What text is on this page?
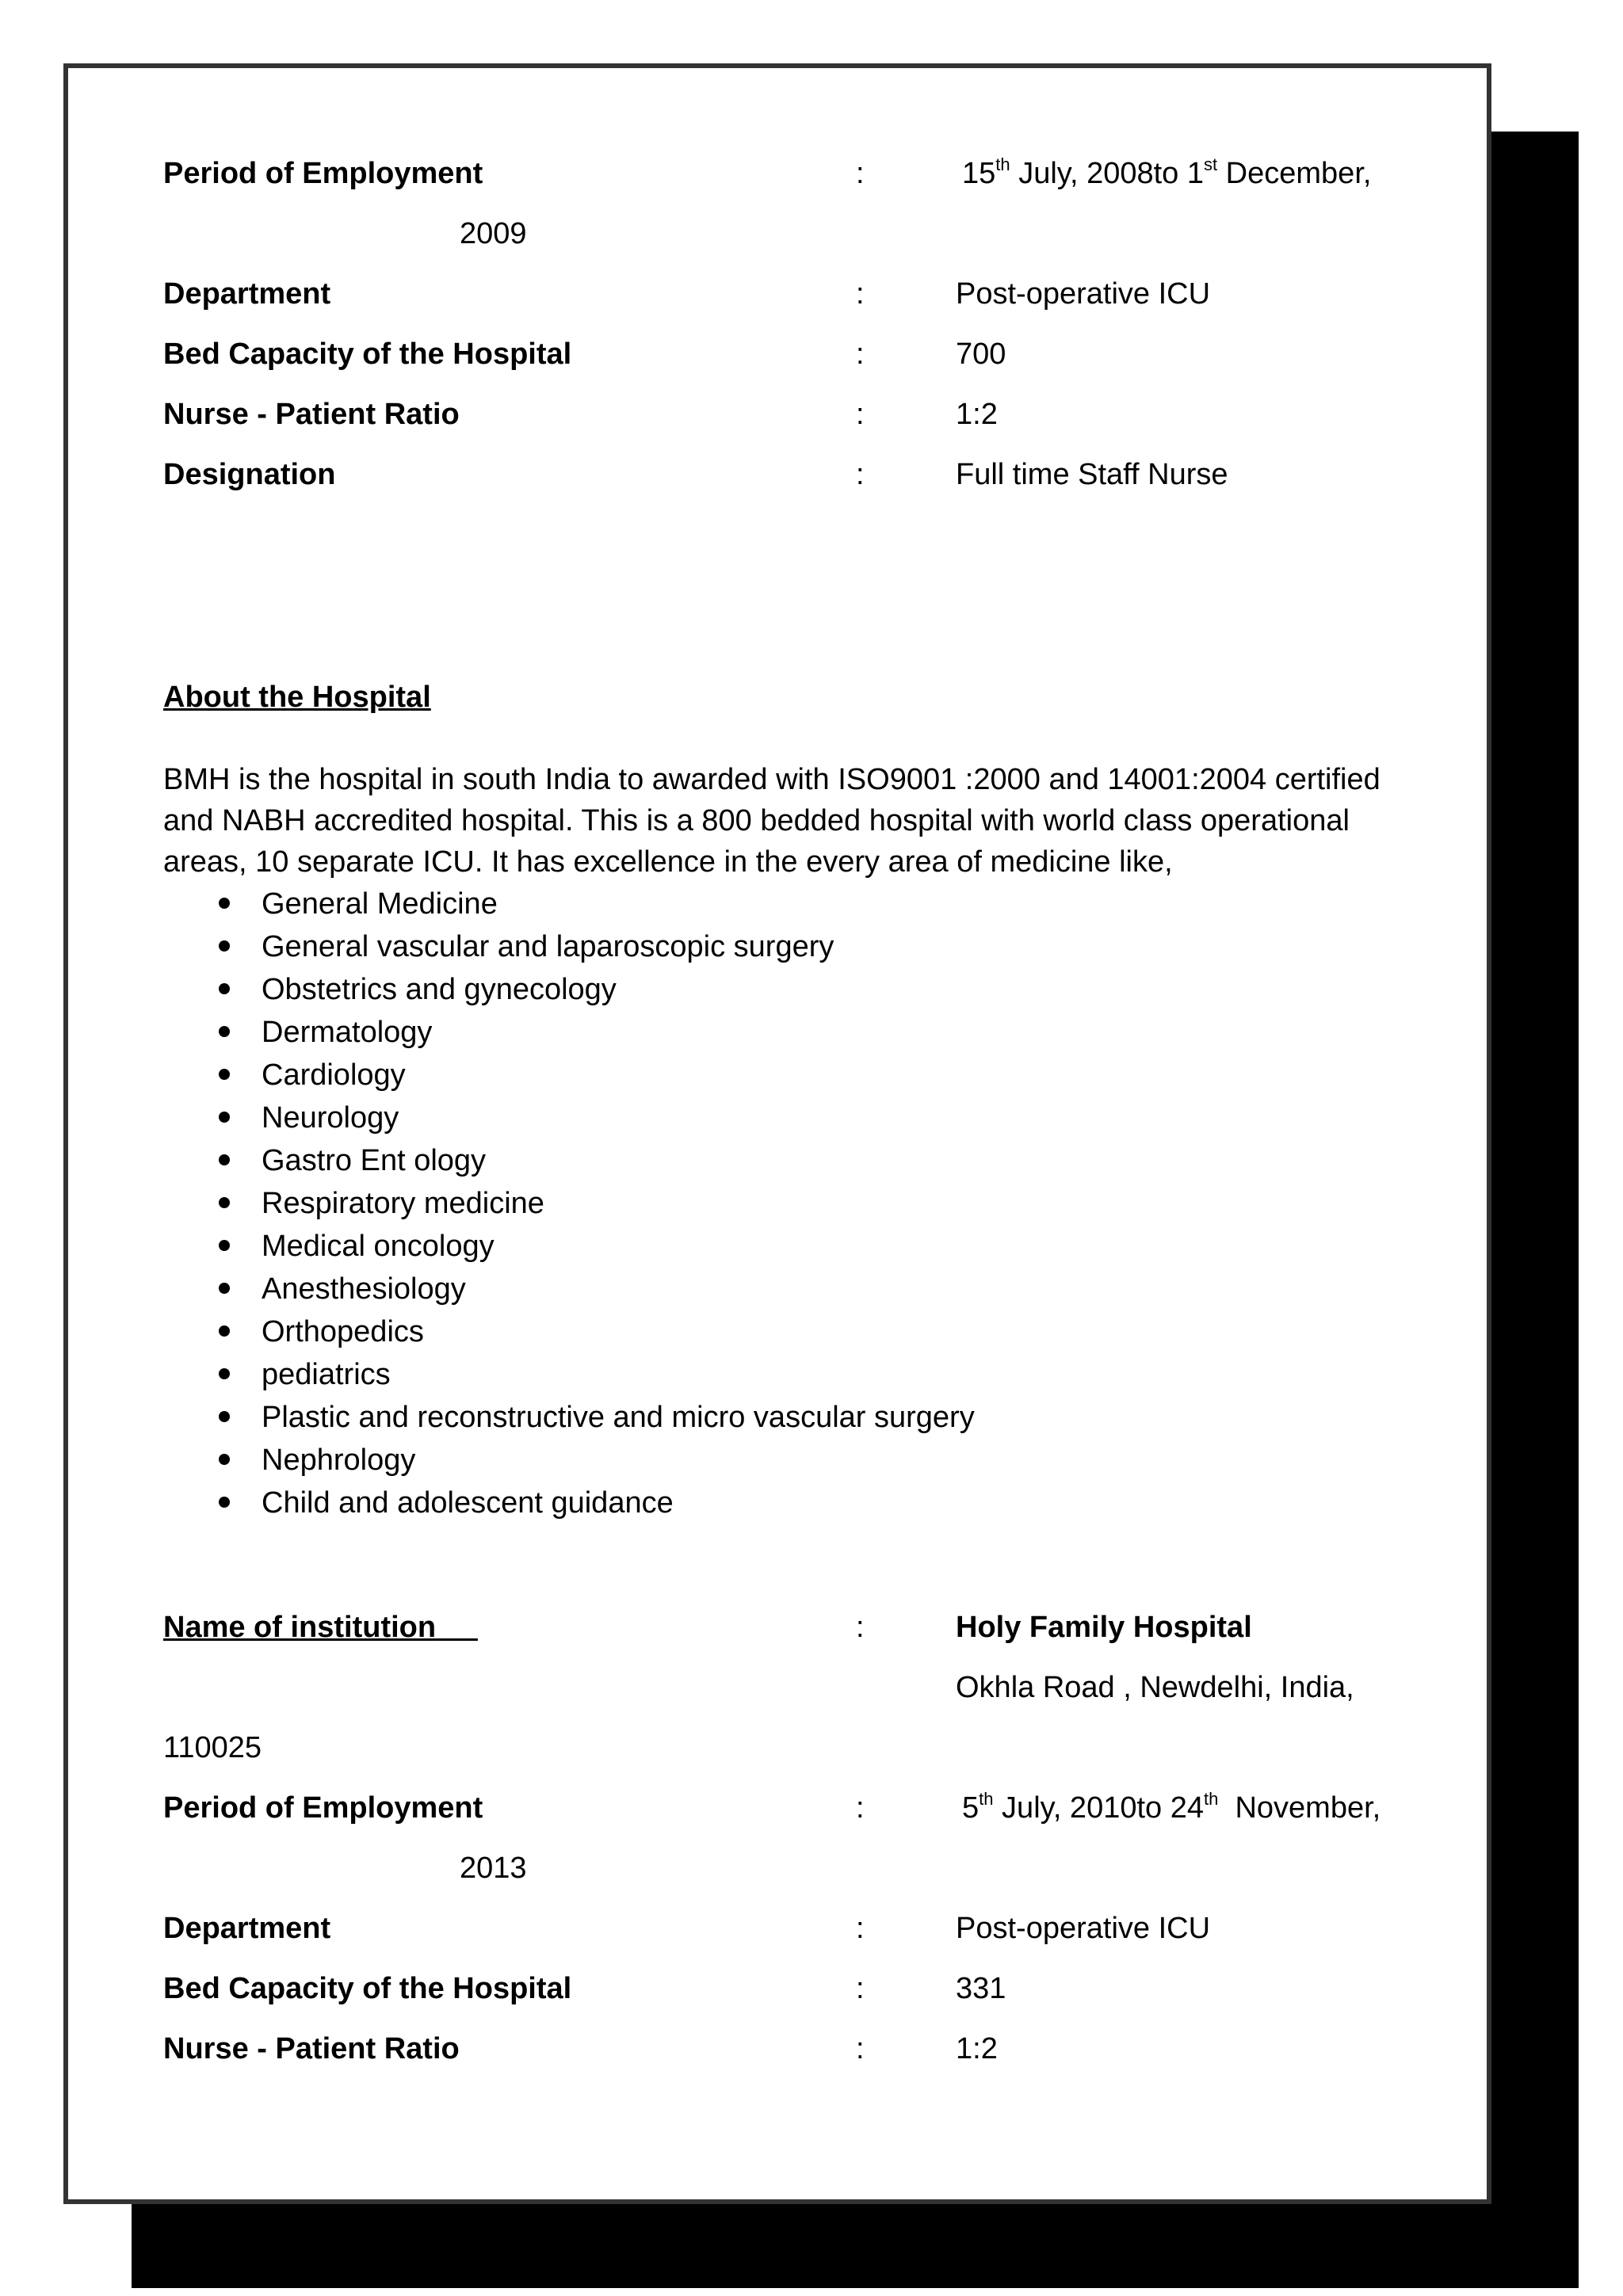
Period of Employment	:	15th July, 2008to 1st December,
2009
Department	:	Post-operative ICU
Bed Capacity of the Hospital	:	700
Nurse - Patient Ratio	:	1:2
Designation	:	Full time Staff Nurse
About the Hospital

BMH is the hospital in south India to awarded with ISO9001 :2000 and 14001:2004 certified and NABH accredited hospital. This is a 800 bedded hospital with world class operational areas, 10 separate ICU. It has excellence in the every area of medicine like,

General Medicine
General vascular and laparoscopic surgery
Obstetrics and gynecology
Dermatology
Cardiology
Neurology
Gastro Ent ology
Respiratory medicine
Medical oncology
Anesthesiology
Orthopedics
pediatrics
Plastic and reconstructive and micro vascular surgery
Nephrology
Child and adolescent guidance
Name of institution	:	Holy Family Hospital
Okhla Road , Newdelhi, India,
110025
Period of Employment	:	5th July, 2010to 24th  November,
2013
Department	:	Post-operative ICU
Bed Capacity of the Hospital	:	331
Nurse - Patient Ratio	:	1:2
